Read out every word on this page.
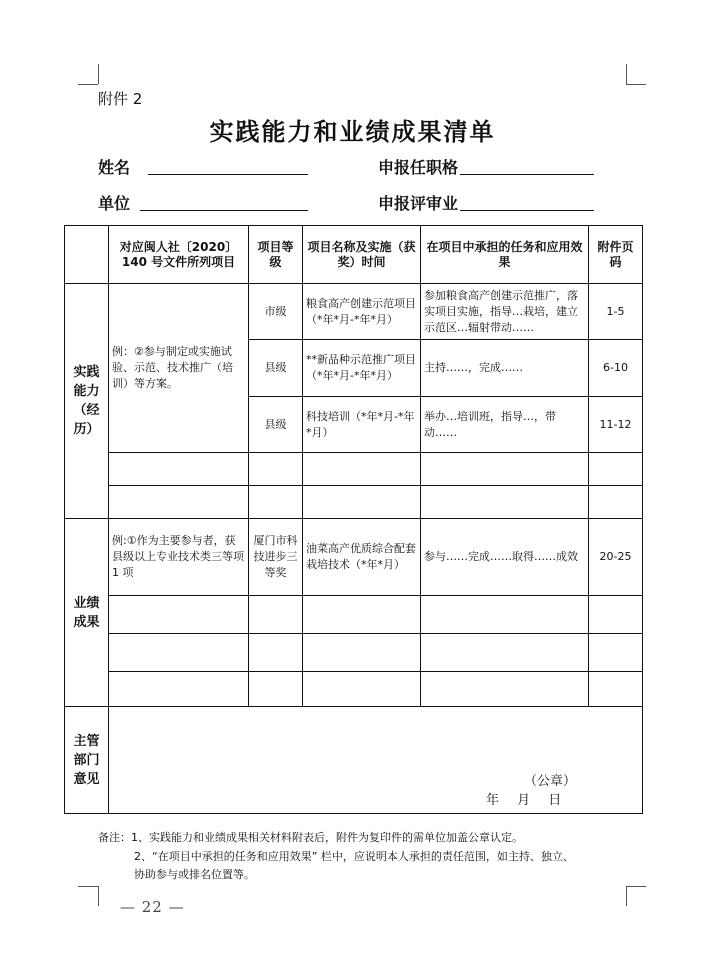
附件 2
实践能力和业绩成果清单
姓名	申报任职格
单位	申报评审业
	对应闽人社〔2020〕140 号文件所列项目	项目等级	项目名称及实施（获奖）时间	在项目中承担的任务和应用效果	附件页码
实践能力（经历）	例：②参与制定或实施试验、示范、技术推广（培训）等方案。	市级	粮食高产创建示范项目（*年*月-*年*月）	参加粮食高产创建示范推广，落实项目实施，指导…栽培，建立示范区…辐射带动……	1-5
		县级	**新品种示范推广项目（*年*月-*年*月）	主持……，完成……	6-10
		县级	科技培训（*年*月-*年*月）	举办…培训班，指导…，带动……	11-12

业绩成果	例:①作为主要参与者，获县级以上专业技术类三等项 1 项	厦门市科技进步三等奖	油菜高产优质综合配套栽培技术（*年*月）	参与……完成……取得……成效	20-25

主管部门意见						（公章）
年 月 日
备注：1、实践能力和业绩成果相关材料附表后，附件为复印件的需单位加盖公章认定。
2、“在项目中承担的任务和应用效果” 栏中，应说明本人承担的责任范围，如主持、独立、
协助参与或排名位置等。
— 22 —
